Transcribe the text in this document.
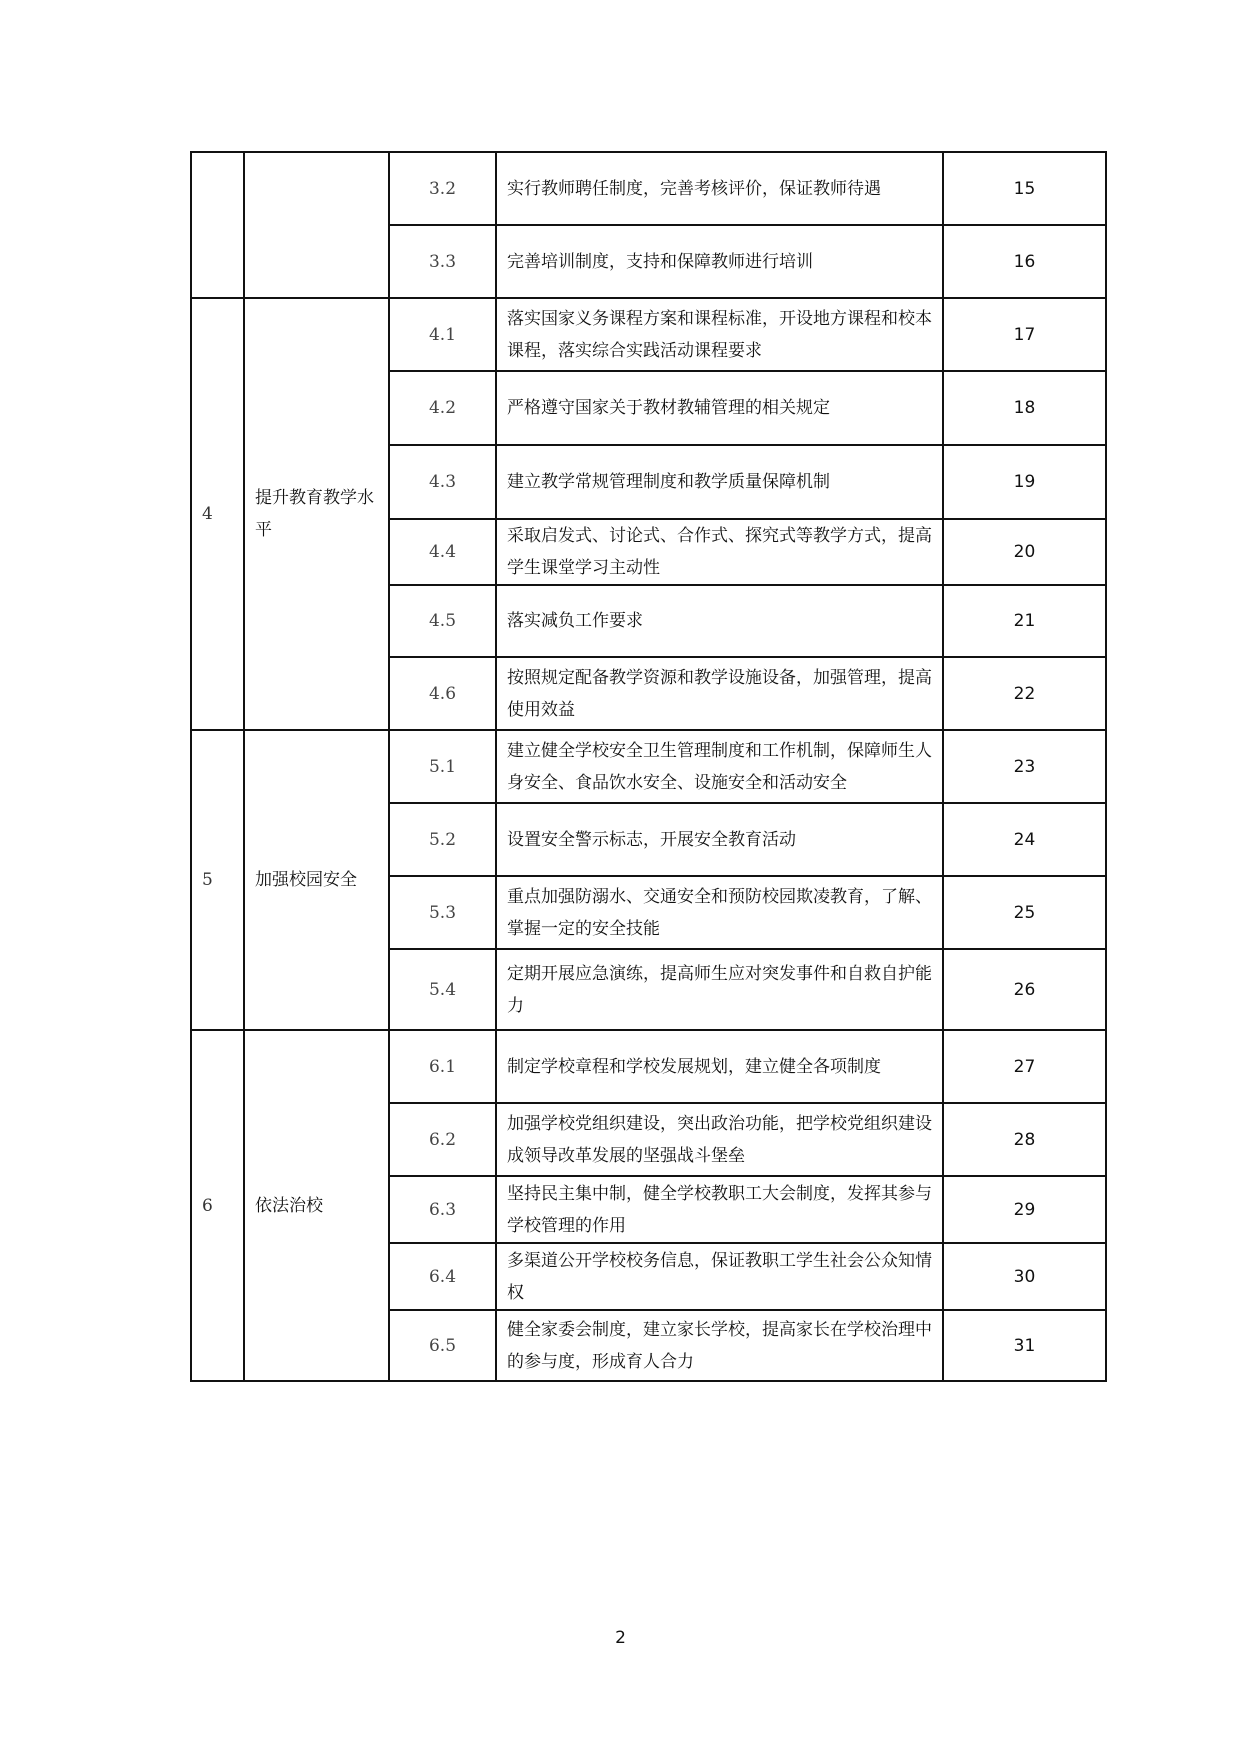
		3.2	实行教师聘任制度，完善考核评价，保证教师待遇	15
		3.3	完善培训制度，支持和保障教师进行培训	16
4	提升教育教学水平	4.1	落实国家义务课程方案和课程标准，开设地方课程和校本课程，落实综合实践活动课程要求	17
		4.2	严格遵守国家关于教材教辅管理的相关规定	18
		4.3	建立教学常规管理制度和教学质量保障机制	19
		4.4	采取启发式、讨论式、合作式、探究式等教学方式，提高学生课堂学习主动性	20
		4.5	落实减负工作要求	21
		4.6	按照规定配备教学资源和教学设施设备，加强管理，提高使用效益	22
5	加强校园安全	5.1	建立健全学校安全卫生管理制度和工作机制，保障师生人身安全、食品饮水安全、设施安全和活动安全	23
		5.2	设置安全警示标志，开展安全教育活动	24
		5.3	重点加强防溺水、交通安全和预防校园欺凌教育，了解、掌握一定的安全技能	25
		5.4	定期开展应急演练，提高师生应对突发事件和自救自护能力	26
6	依法治校	6.1	制定学校章程和学校发展规划，建立健全各项制度	27
		6.2	加强学校党组织建设，突出政治功能，把学校党组织建设成领导改革发展的坚强战斗堡垒	28
		6.3	坚持民主集中制，健全学校教职工大会制度，发挥其参与学校管理的作用	29
		6.4	多渠道公开学校校务信息，保证教职工学生社会公众知情权	30
		6.5	健全家委会制度，建立家长学校，提高家长在学校治理中的参与度，形成育人合力	31
2
